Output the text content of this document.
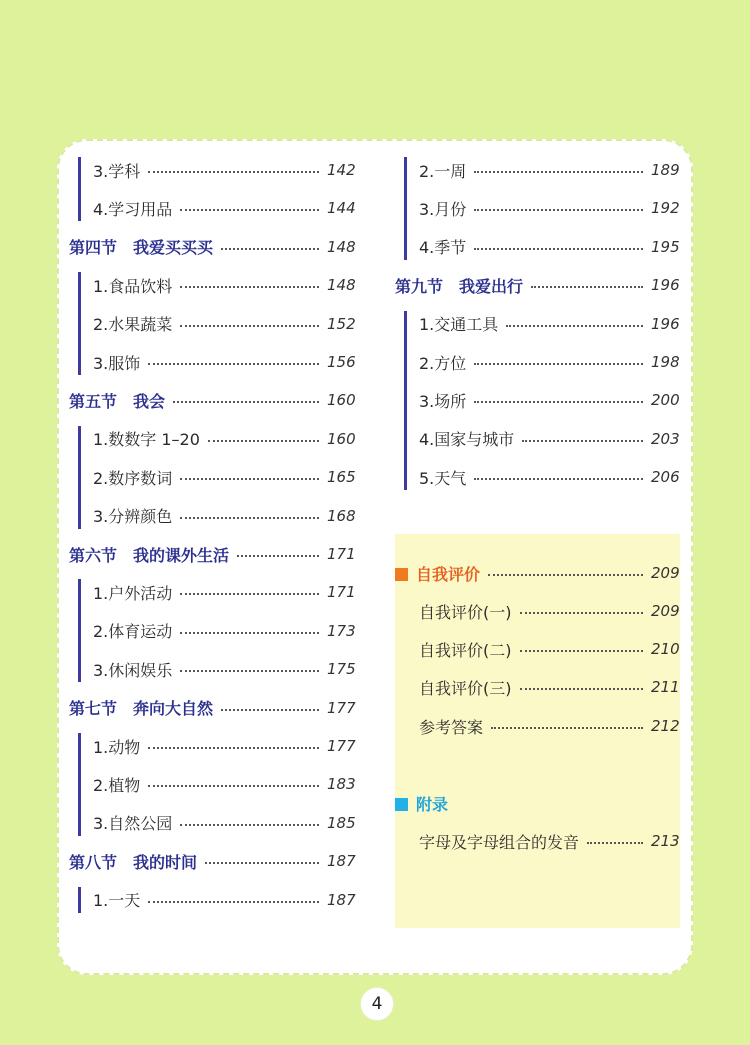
3.学科	142
4.学习用品	144
第四节　我爱买买买	148
1.食品饮料	148
2.水果蔬菜	152
3.服饰	156
第五节　我会	160
1.数数字 1–20	160
2.数序数词	165
3.分辨颜色	168
第六节　我的课外生活	171
1.户外活动	171
2.体育运动	173
3.休闲娱乐	175
第七节　奔向大自然	177
1.动物	177
2.植物	183
3.自然公园	185
第八节　我的时间	187
1.一天	187
2.一周	189
3.月份	192
4.季节	195
第九节　我爱出行	196
1.交通工具	196
2.方位	198
3.场所	200
4.国家与城市	203
5.天气	206
自我评价	209
自我评价(一)	209
自我评价(二)	210
自我评价(三)	211
参考答案	212
附录
字母及字母组合的发音	213
4
